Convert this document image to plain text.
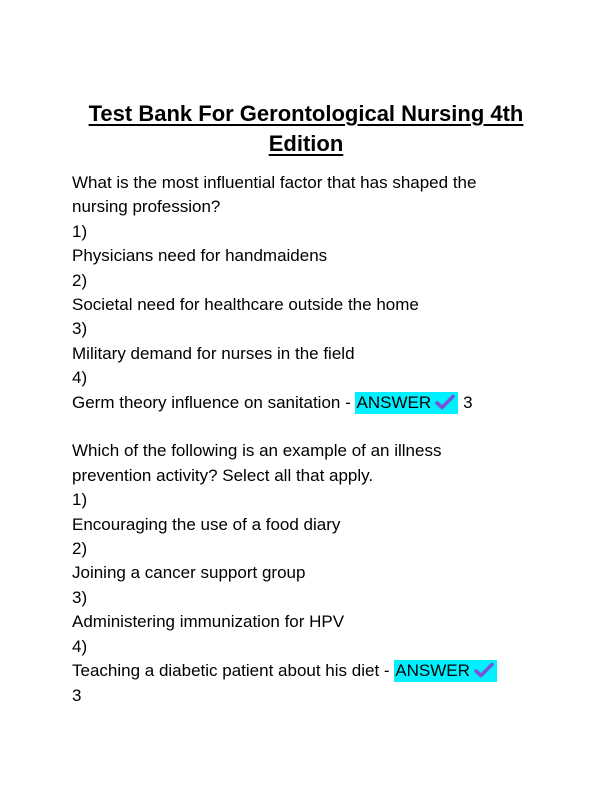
Test Bank For Gerontological Nursing 4th
Edition
What is the most influential factor that has shaped the
nursing profession?
1)
Physicians need for handmaidens
2)
Societal need for healthcare outside the home
3)
Military demand for nurses in the field
4)
Germ theory influence on sanitation - ANSWER 3
Which of the following is an example of an illness
prevention activity? Select all that apply.
1)
Encouraging the use of a food diary
2)
Joining a cancer support group
3)
Administering immunization for HPV
4)
Teaching a diabetic patient about his diet - ANSWER
3
